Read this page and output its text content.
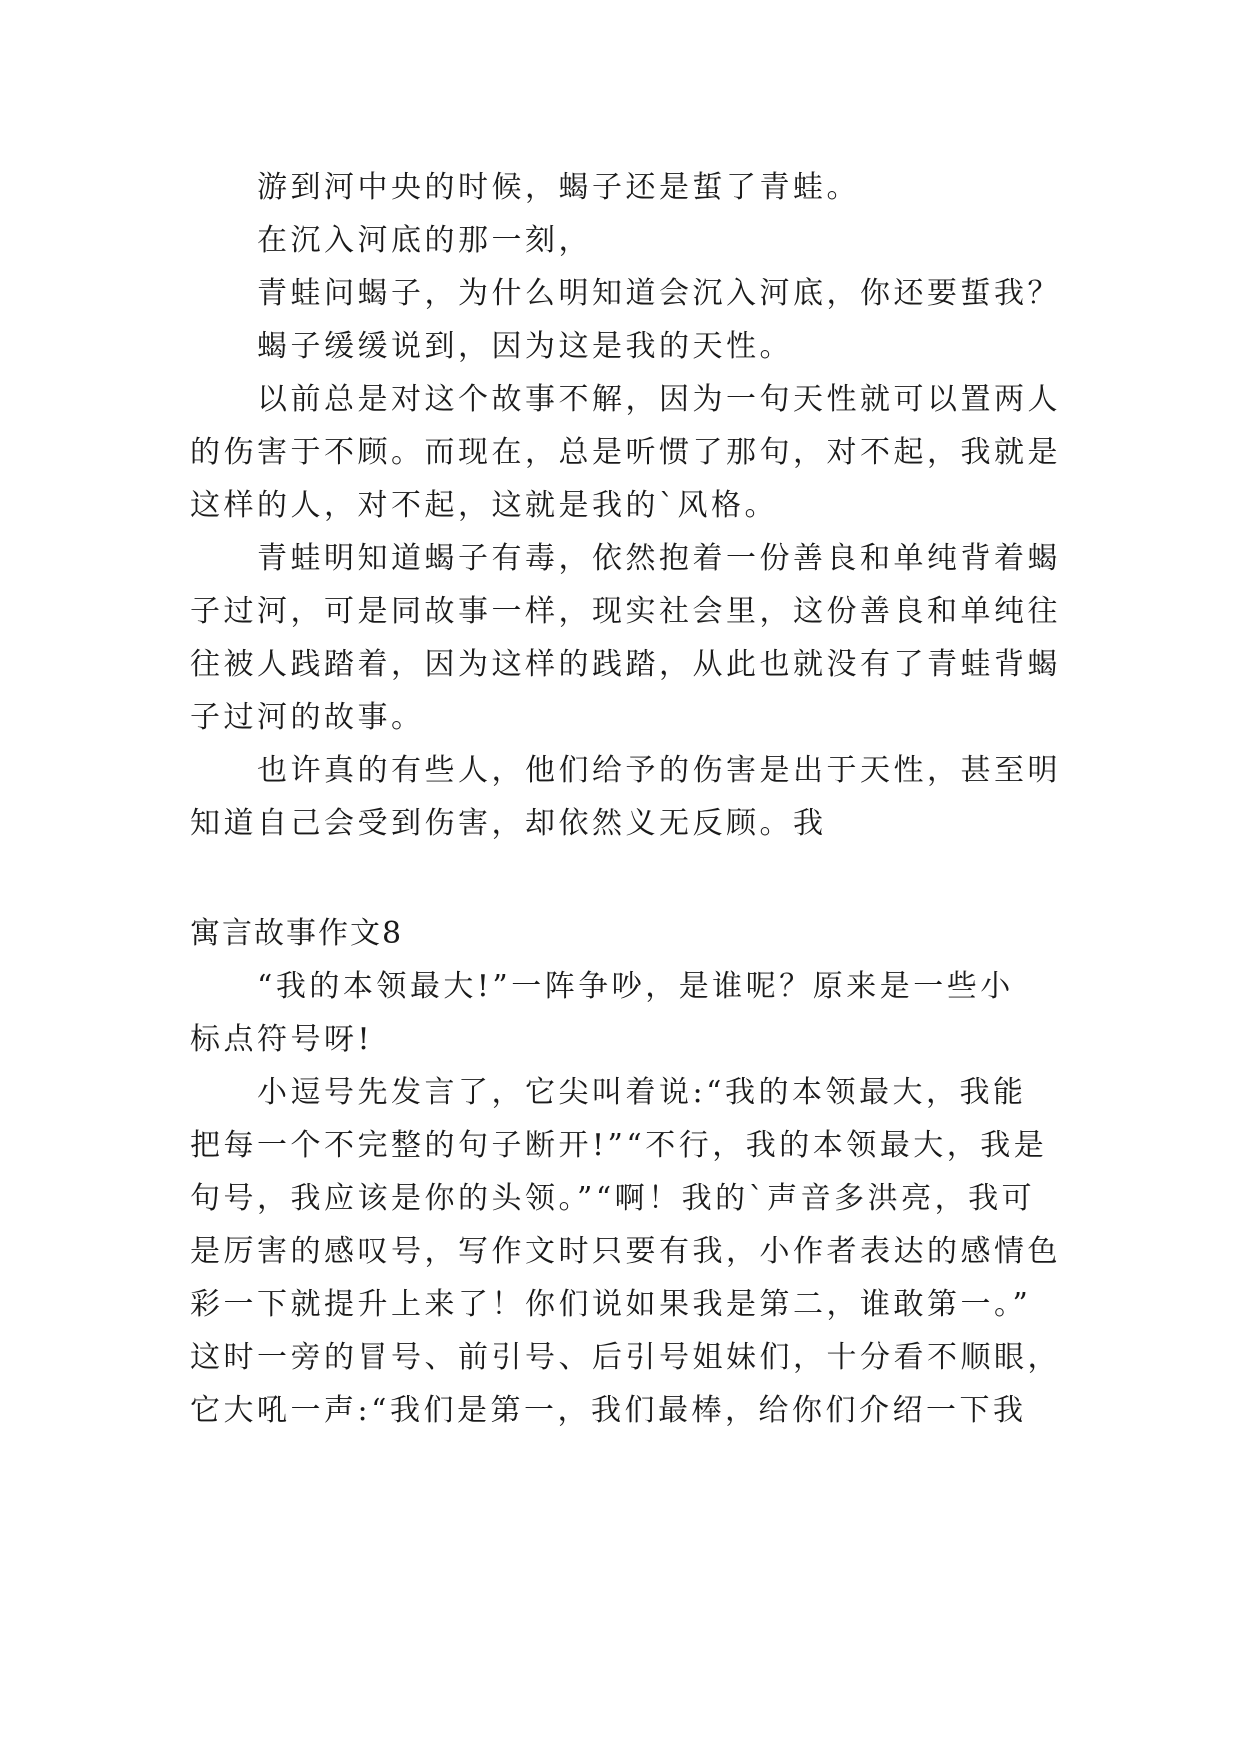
游到河中央的时候，蝎子还是蜇了青蛙。
在沉入河底的那一刻，
青蛙问蝎子，为什么明知道会沉入河底，你还要蜇我？
蝎子缓缓说到，因为这是我的天性。
以前总是对这个故事不解，因为一句天性就可以置两人
的伤害于不顾。而现在，总是听惯了那句，对不起，我就是
这样的人，对不起，这就是我的`风格。
青蛙明知道蝎子有毒，依然抱着一份善良和单纯背着蝎
子过河，可是同故事一样，现实社会里，这份善良和单纯往
往被人践踏着，因为这样的践踏，从此也就没有了青蛙背蝎
子过河的故事。
也许真的有些人，他们给予的伤害是出于天性，甚至明
知道自己会受到伤害，却依然义无反顾。我
寓言故事作文8
“我的本领最大!”一阵争吵，是谁呢？原来是一些小
标点符号呀!
小逗号先发言了，它尖叫着说:“我的本领最大，我能
把每一个不完整的句子断开!”“不行，我的本领最大，我是
句号，我应该是你的头领。”“啊！我的`声音多洪亮，我可
是厉害的感叹号，写作文时只要有我，小作者表达的感情色
彩一下就提升上来了！你们说如果我是第二，谁敢第一。”
这时一旁的冒号、前引号、后引号姐妹们，十分看不顺眼，
它大吼一声:“我们是第一，我们最棒，给你们介绍一下我
